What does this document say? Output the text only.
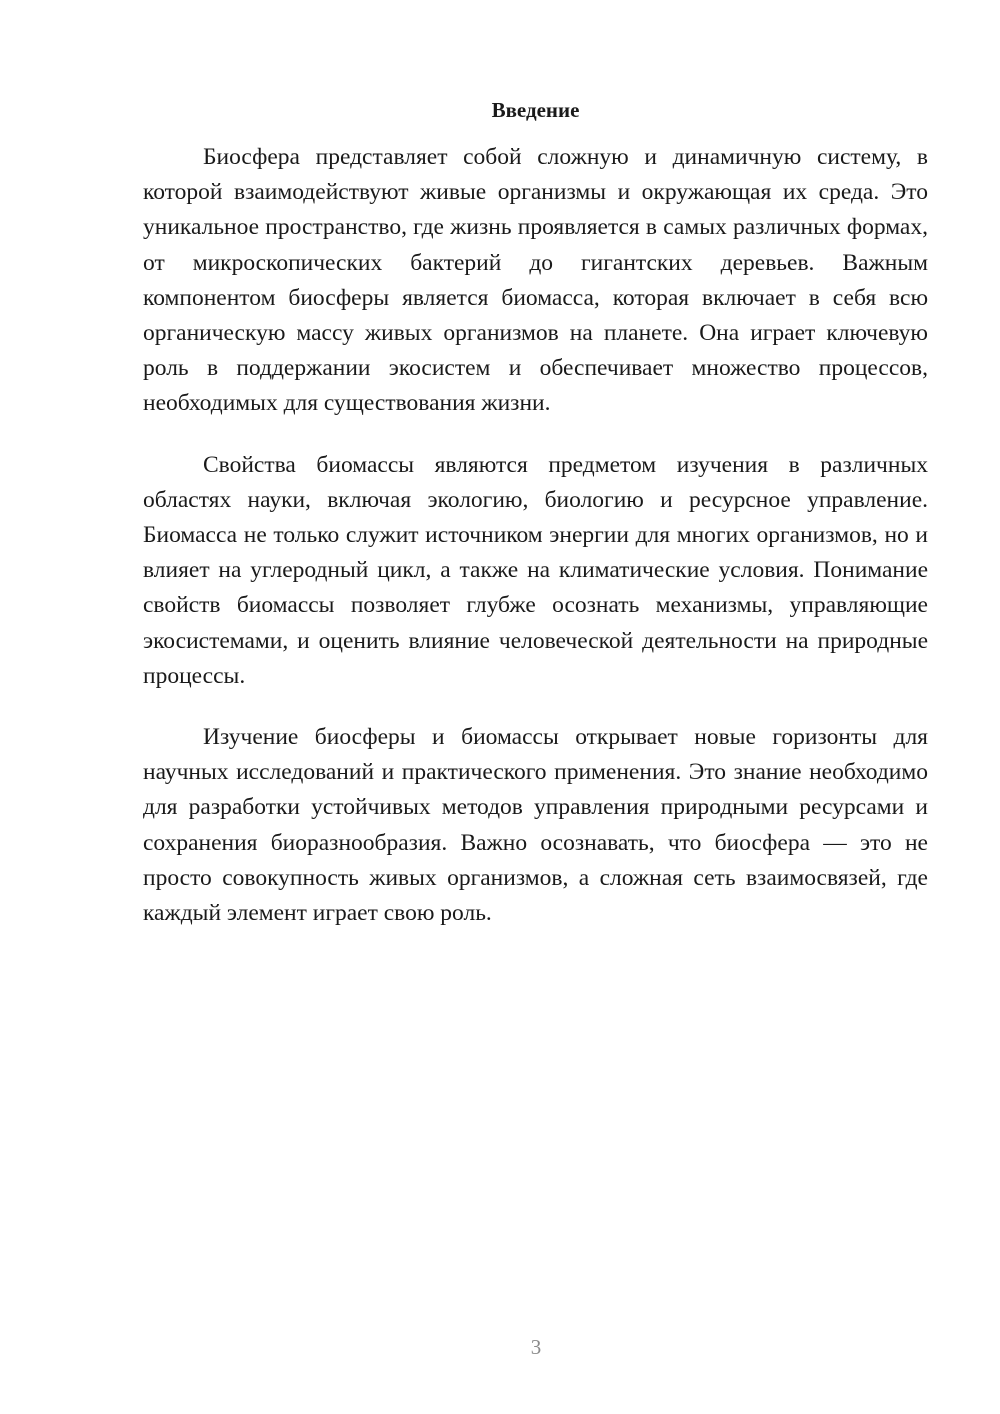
Введение

Биосфера представляет собой сложную и динамичную систему, в которой взаимодействуют живые организмы и окружающая их среда. Это уникальное пространство, где жизнь проявляется в самых различных формах, от микроскопических бактерий до гигантских деревьев. Важным компонентом биосферы является биомасса, которая включает в себя всю органическую массу живых организмов на планете. Она играет ключевую роль в поддержании экосистем и обеспечивает множество процессов, необходимых для существования жизни.

Свойства биомассы являются предметом изучения в различных областях науки, включая экологию, биологию и ресурсное управление. Биомасса не только служит источником энергии для многих организмов, но и влияет на углеродный цикл, а также на климатические условия. Понимание свойств биомассы позволяет глубже осознать механизмы, управляющие экосистемами, и оценить влияние человеческой деятельности на природные процессы.

Изучение биосферы и биомассы открывает новые горизонты для научных исследований и практического применения. Это знание необходимо для разработки устойчивых методов управления природными ресурсами и сохранения биоразнообразия. Важно осознавать, что биосфера — это не просто совокупность живых организмов, а сложная сеть взаимосвязей, где каждый элемент играет свою роль.

3
